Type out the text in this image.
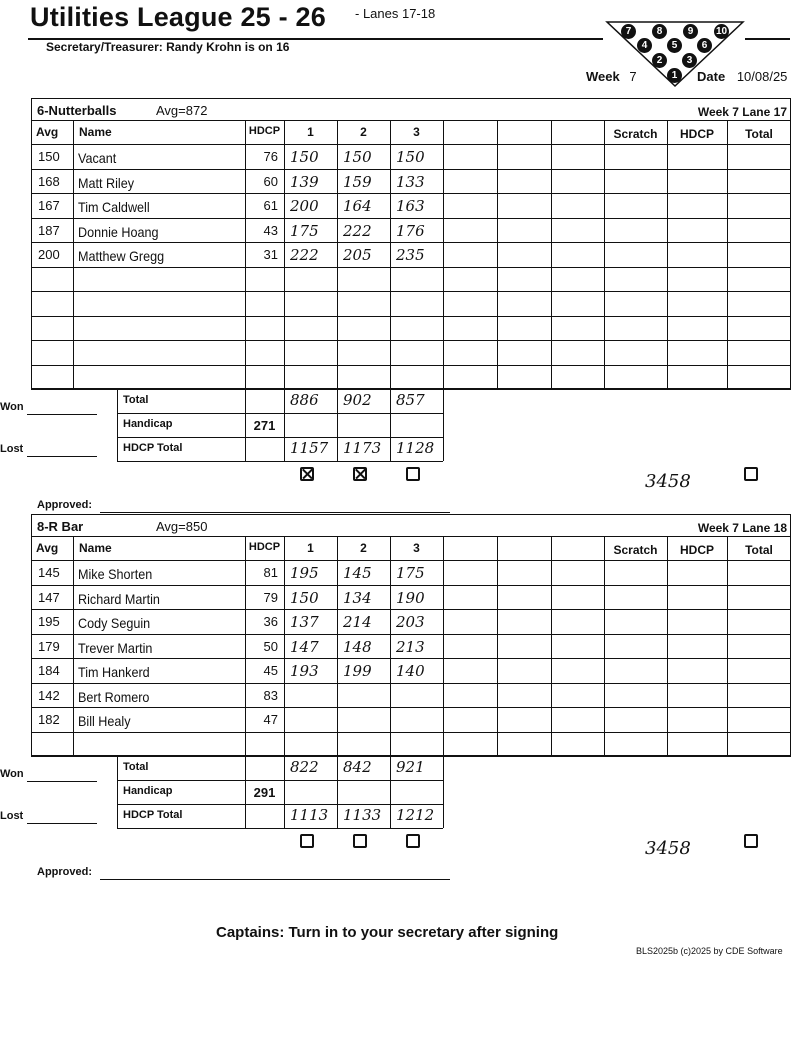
Utilities League 25 - 26 - Lanes 17-18
Secretary/Treasurer: Randy Krohn is on 16
7	8	9	10
4	5	6
2	3
1
Week 7	Date 10/08/25
Captains: Turn in to your secretary after signing
BLS2025b (c)2025 by CDE Software
6-Nutterballs	Avg=872	Week 7 Lane 17
Avg Name	HDCP	1	2	3	Scratch	HDCP	Total
150 Vacant	76 150 150 150
168 Matt Riley	60 139 159 133
167 Tim Caldwell	61 200 164 163
187 Donnie Hoang	43 175 222 176
200 Matthew Gregg	31 222 205 235
Total	886 902 857
Handicap	271
HDCP Total	1157 1173 1128
Won
Lost
3458
Approved:
8-R Bar	Avg=850	Week 7 Lane 18
Avg Name	HDCP	1	2	3	Scratch	HDCP	Total
145 Mike Shorten	81 195 145 175
147 Richard Martin	79 150 134 190
195 Cody Seguin	36 137 214 203
179 Trever Martin	50 147 148 213
184 Tim Hankerd	45 193 199 140
142 Bert Romero	83
182 Bill Healy	47
Total	822 842 921
Handicap	291
HDCP Total	1113 1133 1212
Won
Lost
3458
Approved:
